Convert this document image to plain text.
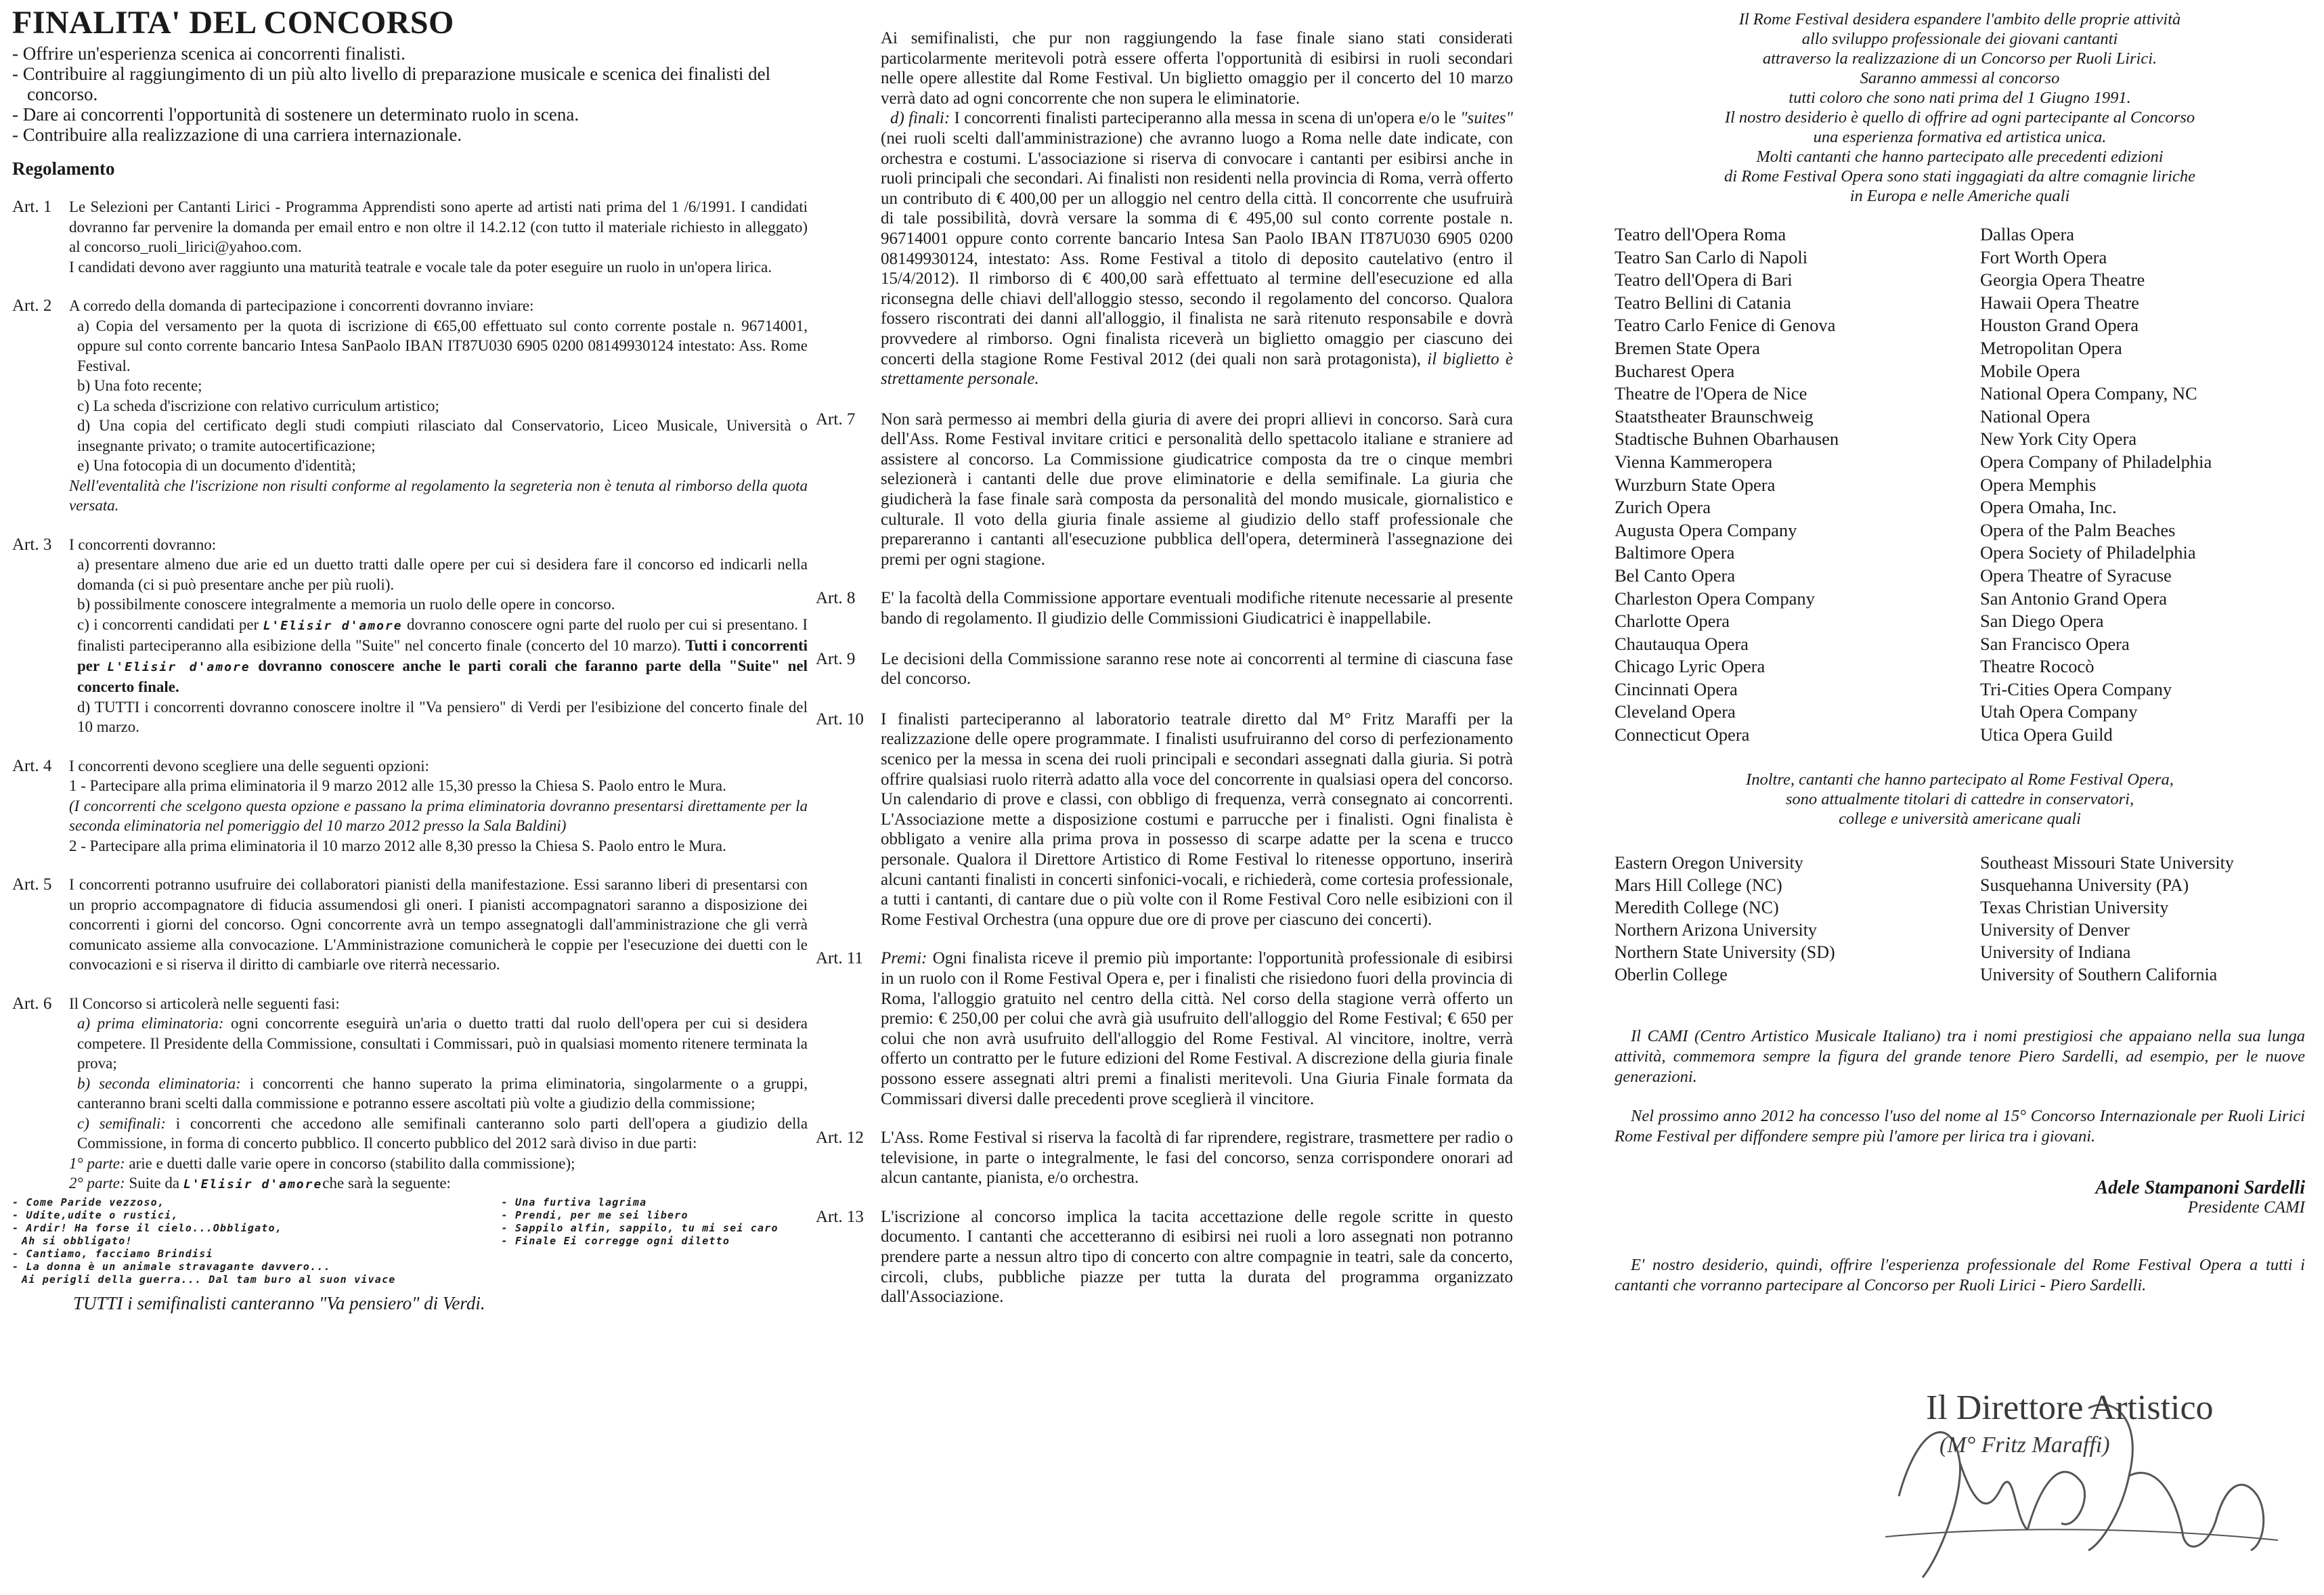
FINALITA' DEL CONCORSO
- Offrire un'esperienza scenica ai concorrenti finalisti.
- Contribuire al raggiungimento di un più alto livello di preparazione musicale e scenica dei finalisti del concorso.
- Dare ai concorrenti l'opportunità di sostenere un determinato ruolo in scena.
- Contribuire alla realizzazione di una carriera internazionale.
Regolamento
Art. 1 Le Selezioni per Cantanti Lirici - Programma Apprendisti sono aperte ad artisti nati prima del 1 /6/1991. I candidati dovranno far pervenire la domanda per email entro e non oltre il 14.2.12 (con tutto il materiale richiesto in alleggato) al concorso_ruoli_lirici@yahoo.com.

I candidati devono aver raggiunto una maturità teatrale e vocale tale da poter eseguire un ruolo in un'opera lirica.

Art. 2 A corredo della domanda di partecipazione i concorrenti dovranno inviare:

a) Copia del versamento per la quota di iscrizione di €65,00 effettuato sul conto corrente postale n. 96714001, oppure sul conto corrente bancario Intesa SanPaolo IBAN IT87U030 6905 0200 08149930124 intestato: Ass. Rome Festival.

b) Una foto recente;

c) La scheda d'iscrizione con relativo curriculum artistico;

d) Una copia del certificato degli studi compiuti rilasciato dal Conservatorio, Liceo Musicale, Università o insegnante privato; o tramite autocertificazione;

e) Una fotocopia di un documento d'identità;

Nell'eventalità che l'iscrizione non risulti conforme al regolamento la segreteria non è tenuta al rimborso della quota versata.

Art. 3 I concorrenti dovranno:

a) presentare almeno due arie ed un duetto tratti dalle opere per cui si desidera fare il concorso ed indicarli nella domanda (ci si può presentare anche per più ruoli).

b) possibilmente conoscere integralmente a memoria un ruolo delle opere in concorso.

c) i concorrenti candidati per L'Elisir d'amore dovranno conoscere ogni parte del ruolo per cui si presentano. I finalisti parteciperanno alla esibizione della "Suite" nel concerto finale (concerto del 10 marzo). Tutti i concorrenti per L'Elisir d'amore dovranno conoscere anche le parti corali che faranno parte della "Suite" nel concerto finale.

d) TUTTI i concorrenti dovranno conoscere inoltre il "Va pensiero" di Verdi per l'esibizione del concerto finale del 10 marzo.

Art. 4 I concorrenti devono scegliere una delle seguenti opzioni:

1 - Partecipare alla prima eliminatoria il 9 marzo 2012 alle 15,30 presso la Chiesa S. Paolo entro le Mura.

(I concorrenti che scelgono questa opzione e passano la prima eliminatoria dovranno presentarsi direttamente per la seconda eliminatoria nel pomeriggio del 10 marzo 2012 presso la Sala Baldini)

2 - Partecipare alla prima eliminatoria il 10 marzo 2012 alle 8,30 presso la Chiesa S. Paolo entro le Mura.

Art. 5 I concorrenti potranno usufruire dei collaboratori pianisti della manifestazione. Essi saranno liberi di presentarsi con un proprio accompagnatore di fiducia assumendosi gli oneri. I pianisti accompagnatori saranno a disposizione dei concorrenti i giorni del concorso. Ogni concorrente avrà un tempo assegnatogli dall'amministrazione che gli verrà comunicato assieme alla convocazione. L'Amministrazione comunicherà le coppie per l'esecuzione dei duetti con le convocazioni e si riserva il diritto di cambiarle ove riterrà necessario.

Art. 6 Il Concorso si articolerà nelle seguenti fasi:

a) prima eliminatoria: ogni concorrente eseguirà un'aria o duetto tratti dal ruolo dell'opera per cui si desidera competere. Il Presidente della Commissione, consultati i Commissari, può in qualsiasi momento ritenere terminata la prova;

b) seconda eliminatoria: i concorrenti che hanno superato la prima eliminatoria, singolarmente o a gruppi, canteranno brani scelti dalla commissione e potranno essere ascoltati più volte a giudizio della commissione;

c) semifinali: i concorrenti che accedono alle semifinali canteranno solo parti dell'opera a giudizio della Commissione, in forma di concerto pubblico. Il concerto pubblico del 2012 sarà diviso in due parti:

1° parte: arie e duetti dalle varie opere in concorso (stabilito dalla commissione);

2° parte: Suite da L'Elisir d'amoreche sarà la seguente:

- Come Paride vezzoso,
- Udite,udite o rustici,
- Ardir! Ha forse il cielo...Obbligato,
Ah si obbligato!
- Cantiamo, facciamo Brindisi
- La donna è un animale stravagante davvero...
Ai perigli della guerra... Dal tam buro al suon vivace
- Una furtiva lagrima
- Prendi, per me sei libero
- Sappilo alfin, sappilo, tu mi sei caro
- Finale Ei corregge ogni diletto
TUTTI i semifinalisti canteranno "Va pensiero" di Verdi.

Ai semifinalisti, che pur non raggiungendo la fase finale siano stati considerati particolarmente meritevoli potrà essere offerta l'opportunità di esibirsi in ruoli secondari nelle opere allestite dal Rome Festival. Un biglietto omaggio per il concerto del 10 marzo verrà dato ad ogni concorrente che non supera le eliminatorie.

d) finali: I concorrenti finalisti parteciperanno alla messa in scena di un'opera e/o le "suites" (nei ruoli scelti dall'amministrazione) che avranno luogo a Roma nelle date indicate, con orchestra e costumi. L'associazione si riserva di convocare i cantanti per esibirsi anche in ruoli principali che secondari. Ai finalisti non residenti nella provincia di Roma, verrà offerto un contributo di € 400,00 per un alloggio nel centro della città. Il concorrente che usufruirà di tale possibilità, dovrà versare la somma di € 495,00 sul conto corrente postale n. 96714001 oppure conto corrente bancario Intesa San Paolo IBAN IT87U030 6905 0200 08149930124, intestato: Ass. Rome Festival a titolo di deposito cautelativo (entro il 15/4/2012). Il rimborso di € 400,00 sarà effettuato al termine dell'esecuzione ed alla riconsegna delle chiavi dell'alloggio stesso, secondo il regolamento del concorso. Qualora fossero riscontrati dei danni all'alloggio, il finalista ne sarà ritenuto responsabile e dovrà provvedere al rimborso. Ogni finalista riceverà un biglietto omaggio per ciascuno dei concerti della stagione Rome Festival 2012 (dei quali non sarà protagonista), il biglietto è strettamente personale.

Art. 7 Non sarà permesso ai membri della giuria di avere dei propri allievi in concorso. Sarà cura dell'Ass. Rome Festival invitare critici e personalità dello spettacolo italiane e straniere ad assistere al concorso. La Commissione giudicatrice composta da tre o cinque membri selezionerà i cantanti delle due prove eliminatorie e della semifinale. La giuria che giudicherà la fase finale sarà composta da personalità del mondo musicale, giornalistico e culturale. Il voto della giuria finale assieme al giudizio dello staff professionale che prepareranno i cantanti all'esecuzione pubblica dell'opera, determinerà l'assegnazione dei premi per ogni stagione.

Art. 8 E' la facoltà della Commissione apportare eventuali modifiche ritenute necessarie al presente bando di regolamento. Il giudizio delle Commissioni Giudicatrici è inappellabile.

Art. 9 Le decisioni della Commissione saranno rese note ai concorrenti al termine di ciascuna fase del concorso.

Art. 10 I finalisti parteciperanno al laboratorio teatrale diretto dal M° Fritz Maraffi per la realizzazione delle opere programmate. I finalisti usufruiranno del corso di perfezionamento scenico per la messa in scena dei ruoli principali e secondari assegnati dalla giuria. Si potrà offrire qualsiasi ruolo riterrà adatto alla voce del concorrente in qualsiasi opera del concorso. Un calendario di prove e classi, con obbligo di frequenza, verrà consegnato ai concorrenti. L'Associazione mette a disposizione costumi e parrucche per i finalisti. Ogni finalista è obbligato a venire alla prima prova in possesso di scarpe adatte per la scena e trucco personale. Qualora il Direttore Artistico di Rome Festival lo ritenesse opportuno, inserirà alcuni cantanti finalisti in concerti sinfonici-vocali, e richiederà, come cortesia professionale, a tutti i cantanti, di cantare due o più volte con il Rome Festival Coro nelle esibizioni con il Rome Festival Orchestra (una oppure due ore di prove per ciascuno dei concerti).

Art. 11 Premi: Ogni finalista riceve il premio più importante: l'opportunità professionale di esibirsi in un ruolo con il Rome Festival Opera e, per i finalisti che risiedono fuori della provincia di Roma, l'alloggio gratuito nel centro della città. Nel corso della stagione verrà offerto un premio: € 250,00 per colui che avrà già usufruito dell'alloggio del Rome Festival; € 650 per colui che non avrà usufruito dell'alloggio del Rome Festival. Al vincitore, inoltre, verrà offerto un contratto per le future edizioni del Rome Festival. A discrezione della giuria finale possono essere assegnati altri premi a finalisti meritevoli. Una Giuria Finale formata da Commissari diversi dalle precedenti prove sceglierà il vincitore.

Art. 12 L'Ass. Rome Festival si riserva la facoltà di far riprendere, registrare, trasmettere per radio o televisione, in parte o integralmente, le fasi del concorso, senza corrispondere onorari ad alcun cantante, pianista, e/o orchestra.

Art. 13 L'iscrizione al concorso implica la tacita accettazione delle regole scritte in questo documento. I cantanti che accetteranno di esibirsi nei ruoli a loro assegnati non potranno prendere parte a nessun altro tipo di concerto con altre compagnie in teatri, sale da concerto, circoli, clubs, pubbliche piazze per tutta la durata del programma organizzato dall'Associazione.

Il Rome Festival desidera espandere l'ambito delle proprie attività
allo sviluppo professionale dei giovani cantanti
attraverso la realizzazione di un Concorso per Ruoli Lirici.
Saranno ammessi al concorso
tutti coloro che sono nati prima del 1 Giugno 1991.
Il nostro desiderio è quello di offrire ad ogni partecipante al Concorso
una esperienza formativa ed artistica unica.
Molti cantanti che hanno partecipato alle precedenti edizioni
di Rome Festival Opera sono stati inggagiati da altre comagnie liriche
in Europa e nelle Americhe quali
Teatro dell'Opera Roma
Teatro San Carlo di Napoli
Teatro dell'Opera di Bari
Teatro Bellini di Catania
Teatro Carlo Fenice di Genova
Bremen State Opera
Bucharest Opera
Theatre de l'Opera de Nice
Staatstheater Braunschweig
Stadtische Buhnen Obarhausen
Vienna Kammeropera
Wurzburn State Opera
Zurich Opera
Augusta Opera Company
Baltimore Opera
Bel Canto Opera
Charleston Opera Company
Charlotte Opera
Chautauqua Opera
Chicago Lyric Opera
Cincinnati Opera
Cleveland Opera
Connecticut Opera
Dallas Opera
Fort Worth Opera
Georgia Opera Theatre
Hawaii Opera Theatre
Houston Grand Opera
Metropolitan Opera
Mobile Opera
National Opera Company, NC
National Opera
New York City Opera
Opera Company of Philadelphia
Opera Memphis
Opera Omaha, Inc.
Opera of the Palm Beaches
Opera Society of Philadelphia
Opera Theatre of Syracuse
San Antonio Grand Opera
San Diego Opera
San Francisco Opera
Theatre Rococò
Tri-Cities Opera Company
Utah Opera Company
Utica Opera Guild
Inoltre, cantanti che hanno partecipato al Rome Festival Opera,
sono attualmente titolari di cattedre in conservatori,
college e università americane quali
Eastern Oregon University
Mars Hill College (NC)
Meredith College (NC)
Northern Arizona University
Northern State University (SD)
Oberlin College
Southeast Missouri State University
Susquehanna University (PA)
Texas Christian University
University of Denver
University of Indiana
University of Southern California
Il CAMI (Centro Artistico Musicale Italiano) tra i nomi prestigiosi che appaiano nella sua lunga attività, commemora sempre la figura del grande tenore Piero Sardelli, ad esempio, per le nuove generazioni.
Nel prossimo anno 2012 ha concesso l'uso del nome al 15° Concorso Internazionale per Ruoli Lirici Rome Festival per diffondere sempre più l'amore per lirica tra i giovani.
Adele Stampanoni Sardelli
Presidente CAMI
E' nostro desiderio, quindi, offrire l'esperienza professionale del Rome Festival Opera a tutti i cantanti che vorranno partecipare al Concorso per Ruoli Lirici - Piero Sardelli.
Il Direttore Artistico
(M° Fritz Maraffi)
